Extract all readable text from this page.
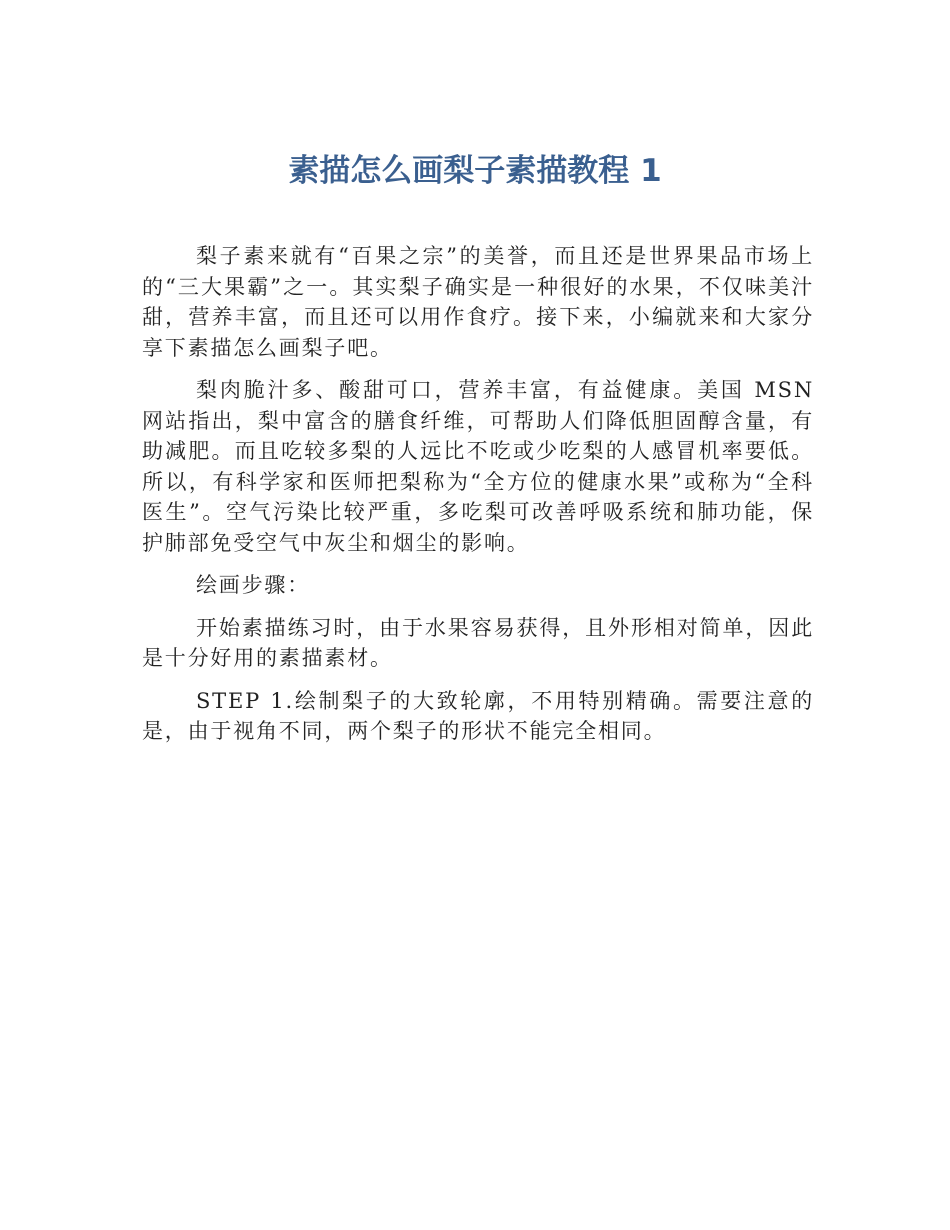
素描怎么画梨子素描教程 1

梨子素来就有“百果之宗”的美誉，而且还是世界果品市场上的“三大果霸”之一。其实梨子确实是一种很好的水果，不仅味美汁甜，营养丰富，而且还可以用作食疗。接下来，小编就来和大家分享下素描怎么画梨子吧。

梨肉脆汁多、酸甜可口，营养丰富，有益健康。美国 MSN 网站指出，梨中富含的膳食纤维，可帮助人们降低胆固醇含量，有助减肥。而且吃较多梨的人远比不吃或少吃梨的人感冒机率要低。所以，有科学家和医师把梨称为“全方位的健康水果”或称为“全科医生”。空气污染比较严重，多吃梨可改善呼吸系统和肺功能，保护肺部免受空气中灰尘和烟尘的影响。

绘画步骤：

开始素描练习时，由于水果容易获得，且外形相对简单，因此是十分好用的素描素材。

STEP 1.绘制梨子的大致轮廓，不用特别精确。需要注意的是，由于视角不同，两个梨子的形状不能完全相同。
